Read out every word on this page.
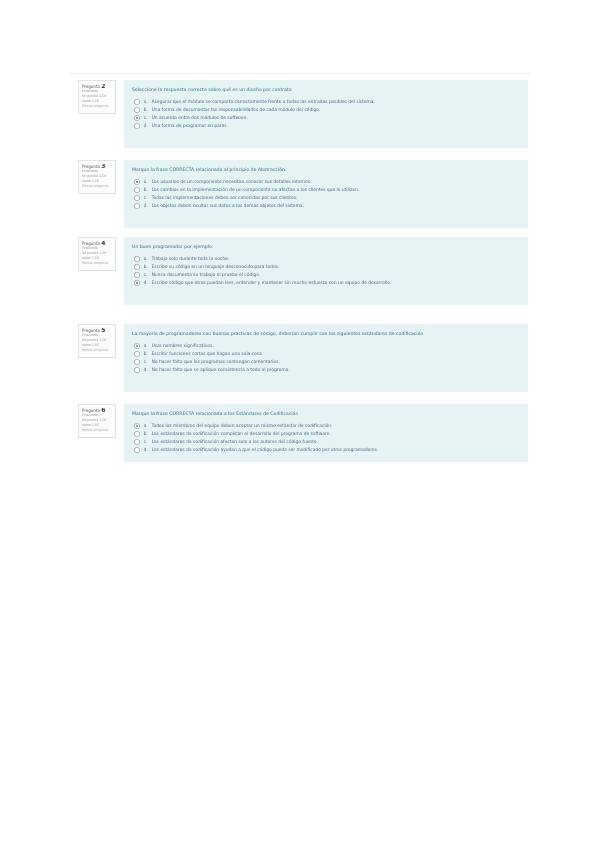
Pregunta 2
Finalizado
Se puntúa 1,00
sobre 1,00
Marcar pregunta
Seleccione la respuesta correcta sobre qué es un diseño por contrato
a. Asegurar que el módulo se comporta correctamente frente a todas las entradas posibles del sistema.
b. Una forma de documentar las responsabilidades de cada módulo del código.
c. Un acuerdo entre dos módulos de software.
d. Una forma de programar en pares.
Pregunta 3
Finalizado
Se puntúa 1,00
sobre 1,00
Marcar pregunta
Marque la frase CORRECTA relacionada al principio de Abstracción.
a. Los usuarios de un componente necesitan conocer sus detalles internos.
b. Los cambios en la implementación de un componente no afectan a los clientes que lo utilizan.
c. Todas las implementaciones deben ser conocidas por sus clientes.
d. Los objetos deben ocultar sus datos a los demás objetos del sistema.
Pregunta 4
Finalizado
Se puntúa 1,00
sobre 1,00
Marcar pregunta
Un buen programador por ejemplo:
a. Trabaja solo durante toda la noche.
b. Escribe su código en un lenguaje desconocido para todos.
c. Nunca documenta su trabajo ni prueba el código.
d. Escribe código que otros puedan leer, entender y mantener sin mucho esfuerzo con un equipo de desarrollo.
Pregunta 5
Finalizado
Se puntúa 1,00
sobre 1,00
Marcar pregunta
La mayoría de programadores con buenas prácticas de código, deberían cumplir con los siguientes estándares de codificación
a. Usar nombres significativos.
b. Escribir funciones cortas que hagan una sola cosa.
c. No hacer falta que los programas contengan comentarios.
d. No hacer falta que se aplique consistencia a todo el programa.
Pregunta 6
Finalizado
Se puntúa 1,00
sobre 1,00
Marcar pregunta
Marque la frase CORRECTA relacionada a los Estándares de Codificación
a. Todos los miembros del equipo deben aceptar un mismo estándar de codificación.
b. Los estándares de codificación complican el desarrollo del programa de software.
c. Los estándares de codificación afectan solo a los autores del código fuente.
d. Los estándares de codificación ayudan a que el código pueda ser modificado por otros programadores.
